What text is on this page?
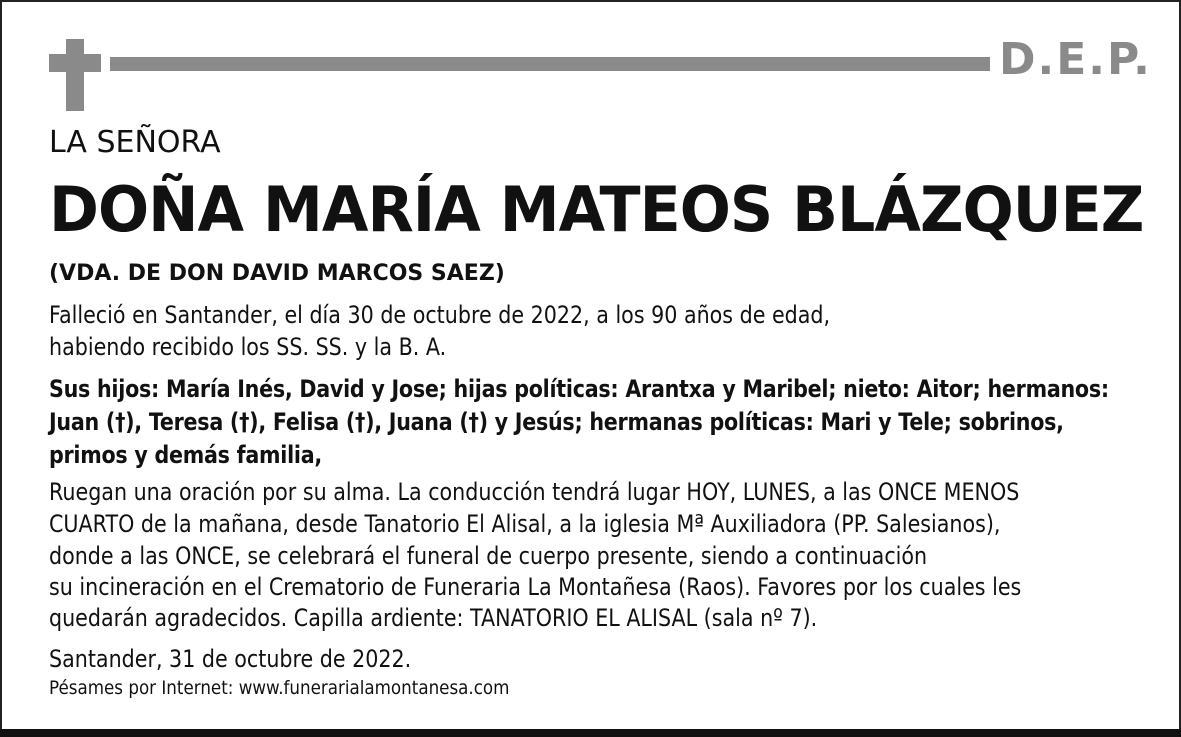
D.E.P.
LA SEÑORA
DOÑA MARÍA MATEOS BLÁZQUEZ
(VDA. DE DON DAVID MARCOS SAEZ)
Falleció en Santander, el día 30 de octubre de 2022, a los 90 años de edad,
habiendo recibido los SS. SS. y la B. A.
Sus hijos: María Inés, David y Jose; hijas políticas: Arantxa y Maribel; nieto: Aitor; hermanos:
Juan (†), Teresa (†), Felisa (†), Juana (†) y Jesús; hermanas políticas: Mari y Tele; sobrinos,
primos y demás familia,
Ruegan una oración por su alma. La conducción tendrá lugar HOY, LUNES, a las ONCE MENOS
CUARTO de la mañana, desde Tanatorio El Alisal, a la iglesia Mª Auxiliadora (PP. Salesianos),
donde a las ONCE, se celebrará el funeral de cuerpo presente, siendo a continuación
su incineración en el Crematorio de Funeraria La Montañesa (Raos). Favores por los cuales les
quedarán agradecidos. Capilla ardiente: TANATORIO EL ALISAL (sala nº 7).
Santander, 31 de octubre de 2022.
Pésames por Internet: www.funerarialamontanesa.com
